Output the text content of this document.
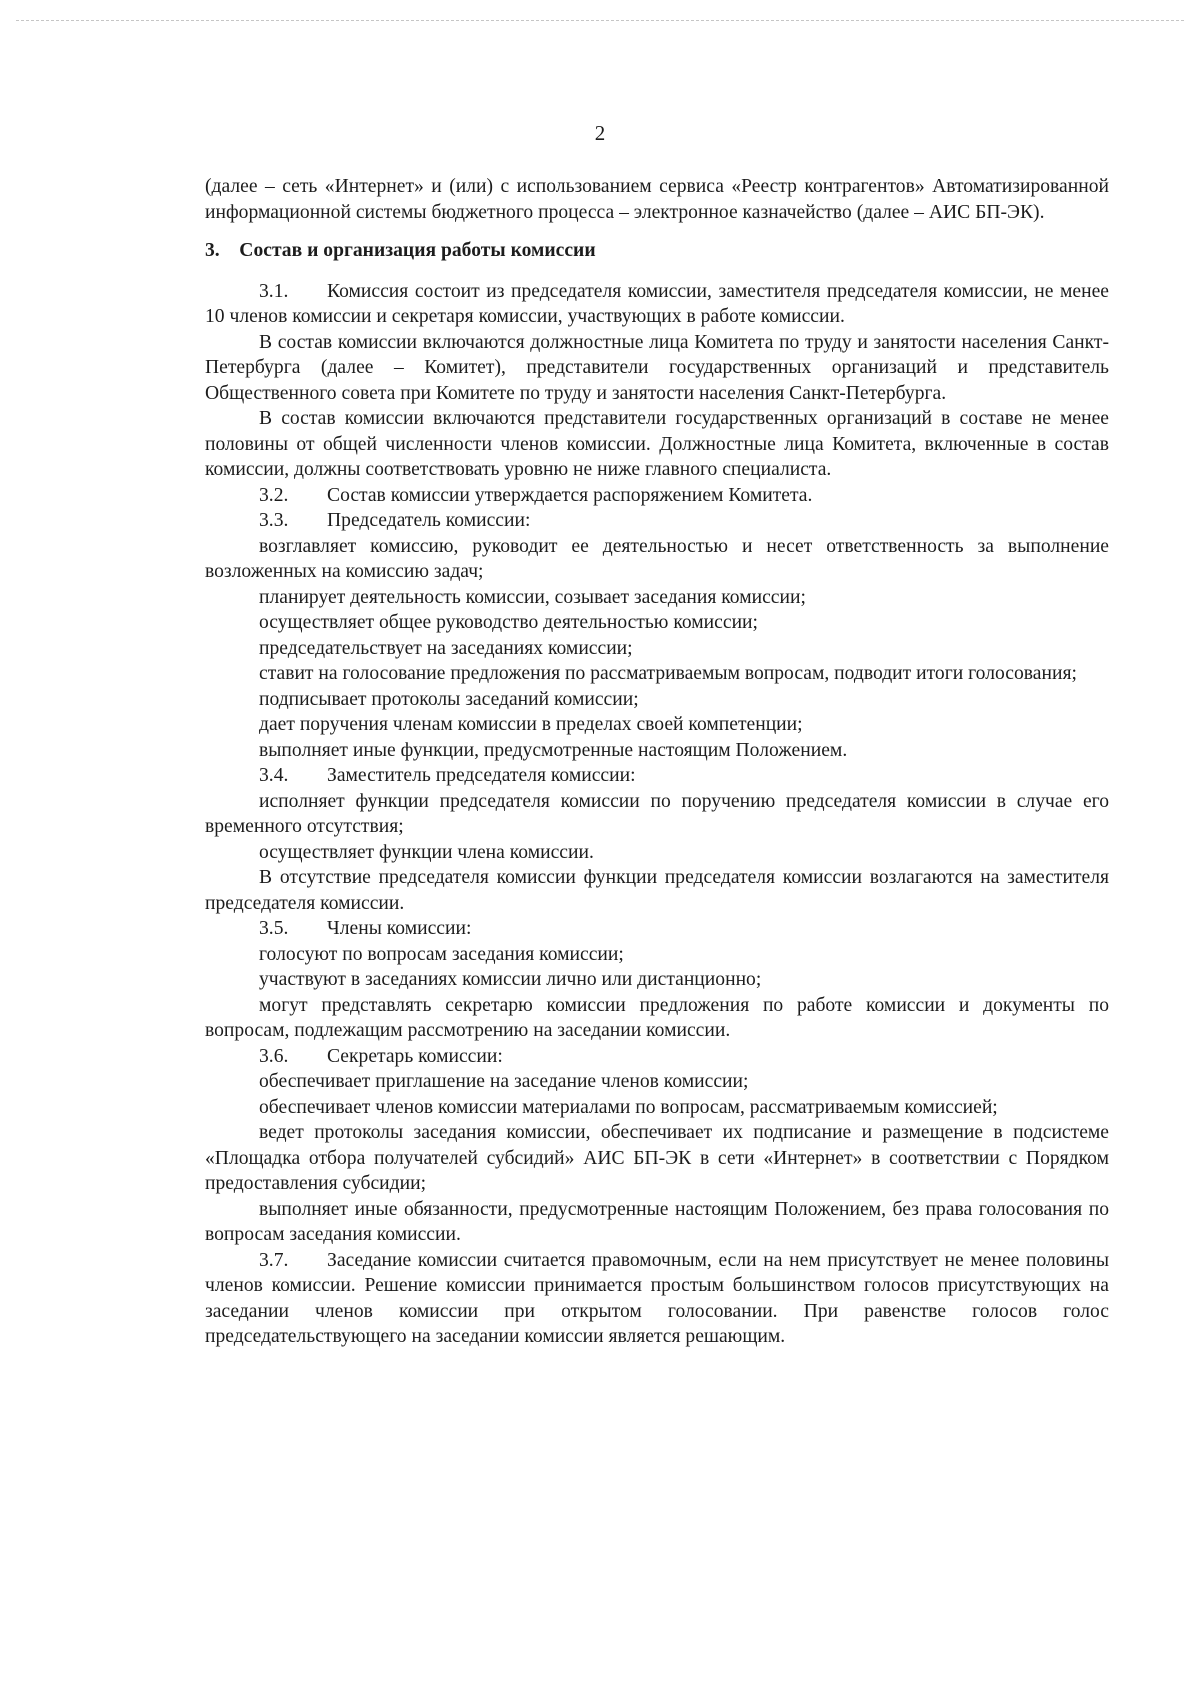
2

(далее – сеть «Интернет» и (или) с использованием сервиса «Реестр контрагентов» Автоматизированной информационной системы бюджетного процесса – электронное казначейство (далее – АИС БП-ЭК).

3. Состав и организация работы комиссии

3.1. Комиссия состоит из председателя комиссии, заместителя председателя комиссии, не менее 10 членов комиссии и секретаря комиссии, участвующих в работе комиссии.

В состав комиссии включаются должностные лица Комитета по труду и занятости населения Санкт-Петербурга (далее – Комитет), представители государственных организаций и представитель Общественного совета при Комитете по труду и занятости населения Санкт-Петербурга.

В состав комиссии включаются представители государственных организаций в составе не менее половины от общей численности членов комиссии. Должностные лица Комитета, включенные в состав комиссии, должны соответствовать уровню не ниже главного специалиста.

3.2. Состав комиссии утверждается распоряжением Комитета.

3.3. Председатель комиссии:

возглавляет комиссию, руководит ее деятельностью и несет ответственность за выполнение возложенных на комиссию задач;

планирует деятельность комиссии, созывает заседания комиссии;

осуществляет общее руководство деятельностью комиссии;

председательствует на заседаниях комиссии;

ставит на голосование предложения по рассматриваемым вопросам, подводит итоги голосования;

подписывает протоколы заседаний комиссии;

дает поручения членам комиссии в пределах своей компетенции;

выполняет иные функции, предусмотренные настоящим Положением.

3.4. Заместитель председателя комиссии:

исполняет функции председателя комиссии по поручению председателя комиссии в случае его временного отсутствия;

осуществляет функции члена комиссии.

В отсутствие председателя комиссии функции председателя комиссии возлагаются на заместителя председателя комиссии.

3.5. Члены комиссии:

голосуют по вопросам заседания комиссии;

участвуют в заседаниях комиссии лично или дистанционно;

могут представлять секретарю комиссии предложения по работе комиссии и документы по вопросам, подлежащим рассмотрению на заседании комиссии.

3.6. Секретарь комиссии:

обеспечивает приглашение на заседание членов комиссии;

обеспечивает членов комиссии материалами по вопросам, рассматриваемым комиссией;

ведет протоколы заседания комиссии, обеспечивает их подписание и размещение в подсистеме «Площадка отбора получателей субсидий» АИС БП-ЭК в сети «Интернет» в соответствии с Порядком предоставления субсидии;

выполняет иные обязанности, предусмотренные настоящим Положением, без права голосования по вопросам заседания комиссии.

3.7. Заседание комиссии считается правомочным, если на нем присутствует не менее половины членов комиссии. Решение комиссии принимается простым большинством голосов присутствующих на заседании членов комиссии при открытом голосовании. При равенстве голосов голос председательствующего на заседании комиссии является решающим.
